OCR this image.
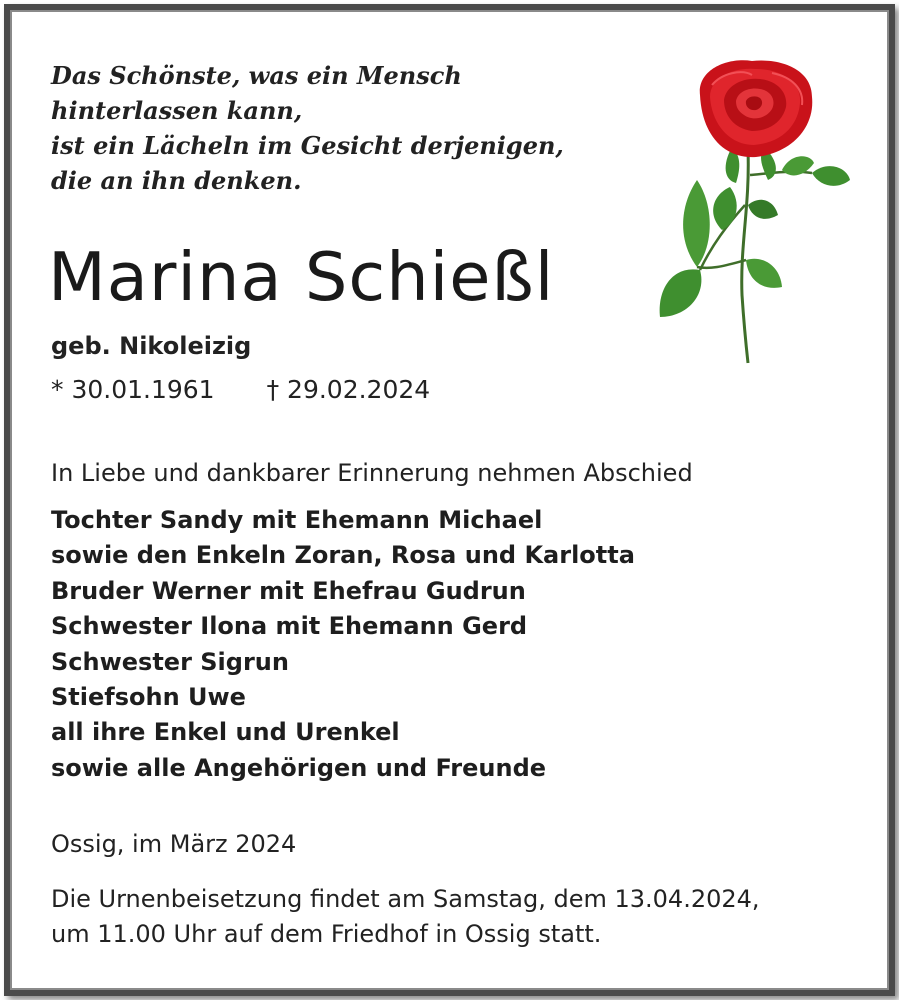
Das Schönste, was ein Mensch
hinterlassen kann,
ist ein Lächeln im Gesicht derjenigen,
die an ihn denken.
Marina Schießl
geb. Nikoleizig
* 30.01.1961 † 29.02.2024
In Liebe und dankbarer Erinnerung nehmen Abschied
Tochter Sandy mit Ehemann Michael
sowie den Enkeln Zoran, Rosa und Karlotta
Bruder Werner mit Ehefrau Gudrun
Schwester Ilona mit Ehemann Gerd
Schwester Sigrun
Stiefsohn Uwe
all ihre Enkel und Urenkel
sowie alle Angehörigen und Freunde
Ossig, im März 2024
Die Urnenbeisetzung findet am Samstag, dem 13.04.2024,
um 11.00 Uhr auf dem Friedhof in Ossig statt.
